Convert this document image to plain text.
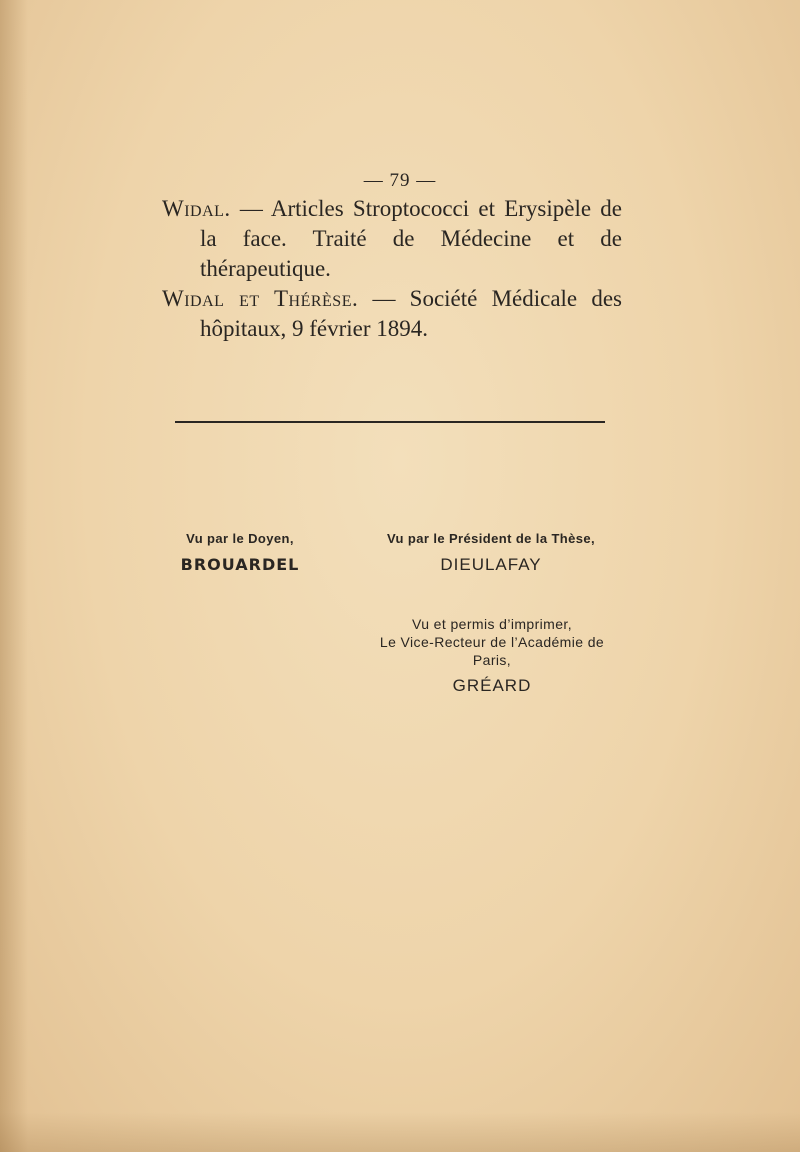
— 79 —

Widal. — Articles Stroptococci et Erysipèle de la face. Traité de Médecine et de thérapeutique.

Widal et Thérèse. — Société Médicale des hôpitaux, 9 février 1894.

Vu par le Doyen,
BROUARDEL
Vu par le Président de la Thèse,
DIEULAFAY
Vu et permis d’imprimer,
Le Vice-Recteur de l’Académie de Paris,
GRÉARD
